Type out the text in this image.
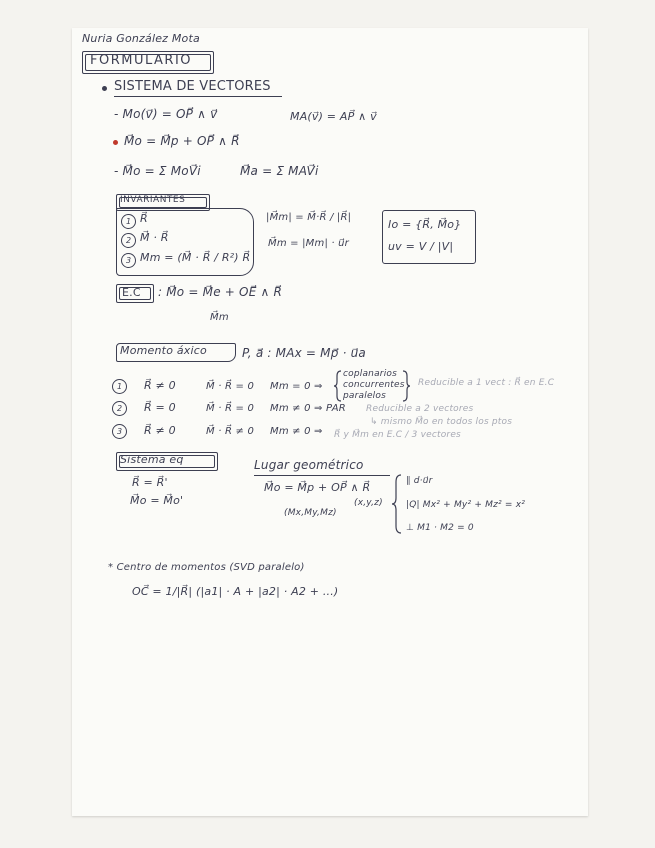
Nuria González Mota
FORMULARIO
SISTEMA DE VECTORES
- Mo(v⃗) = OP⃗ ∧ v⃗	MA(v⃗) = AP⃗ ∧ v⃗
M⃗o = M⃗p + OP⃗ ∧ R⃗
- M⃗o = Σ MoV⃗i	M⃗a = Σ MAV⃗i
INVARIANTES
1 R⃗
2 M⃗ · R⃗
3 Mm = (M⃗ · R⃗ / R²) R⃗
|M⃗m| = M⃗·R⃗ / |R⃗|
M⃗m = |Mm| · u⃗r
Io = {R⃗, M⃗o}
uv = V / |V|
E.C : M⃗o = M⃗e + OE⃗ ∧ R⃗
M⃗m
Momento áxico	P, a⃗ : MAx = Mp⃗ · u⃗a
1	R⃗ ≠ 0	M⃗ · R⃗ = 0 Mm = 0 ⇒
coplanarios
concurrentes
paralelos
Reducible a 1 vect : R⃗ en E.C
2	R⃗ = 0	M⃗ · R⃗ = 0 Mm ≠ 0 ⇒ PAR Reducible a 2 vectores
↳ mismo M⃗o en todos los ptos
3	R⃗ ≠ 0	M⃗ · R⃗ ≠ 0 Mm ≠ 0 ⇒ R⃗ y M⃗m en E.C / 3 vectores
Sistema eq
R⃗ = R⃗'
M⃗o = M⃗o'
Lugar geométrico
M⃗o = M⃗p + OP⃗ ∧ R⃗
(x,y,z)
(Mx,My,Mz)
∥ d·u⃗r
|Q| Mx² + My² + Mz² = x²
⊥ M1 · M2 = 0
* Centro de momentos (SVD paralelo)
OC⃗ = 1/|R⃗| (|a1| · A + |a2| · A2 + ...)
